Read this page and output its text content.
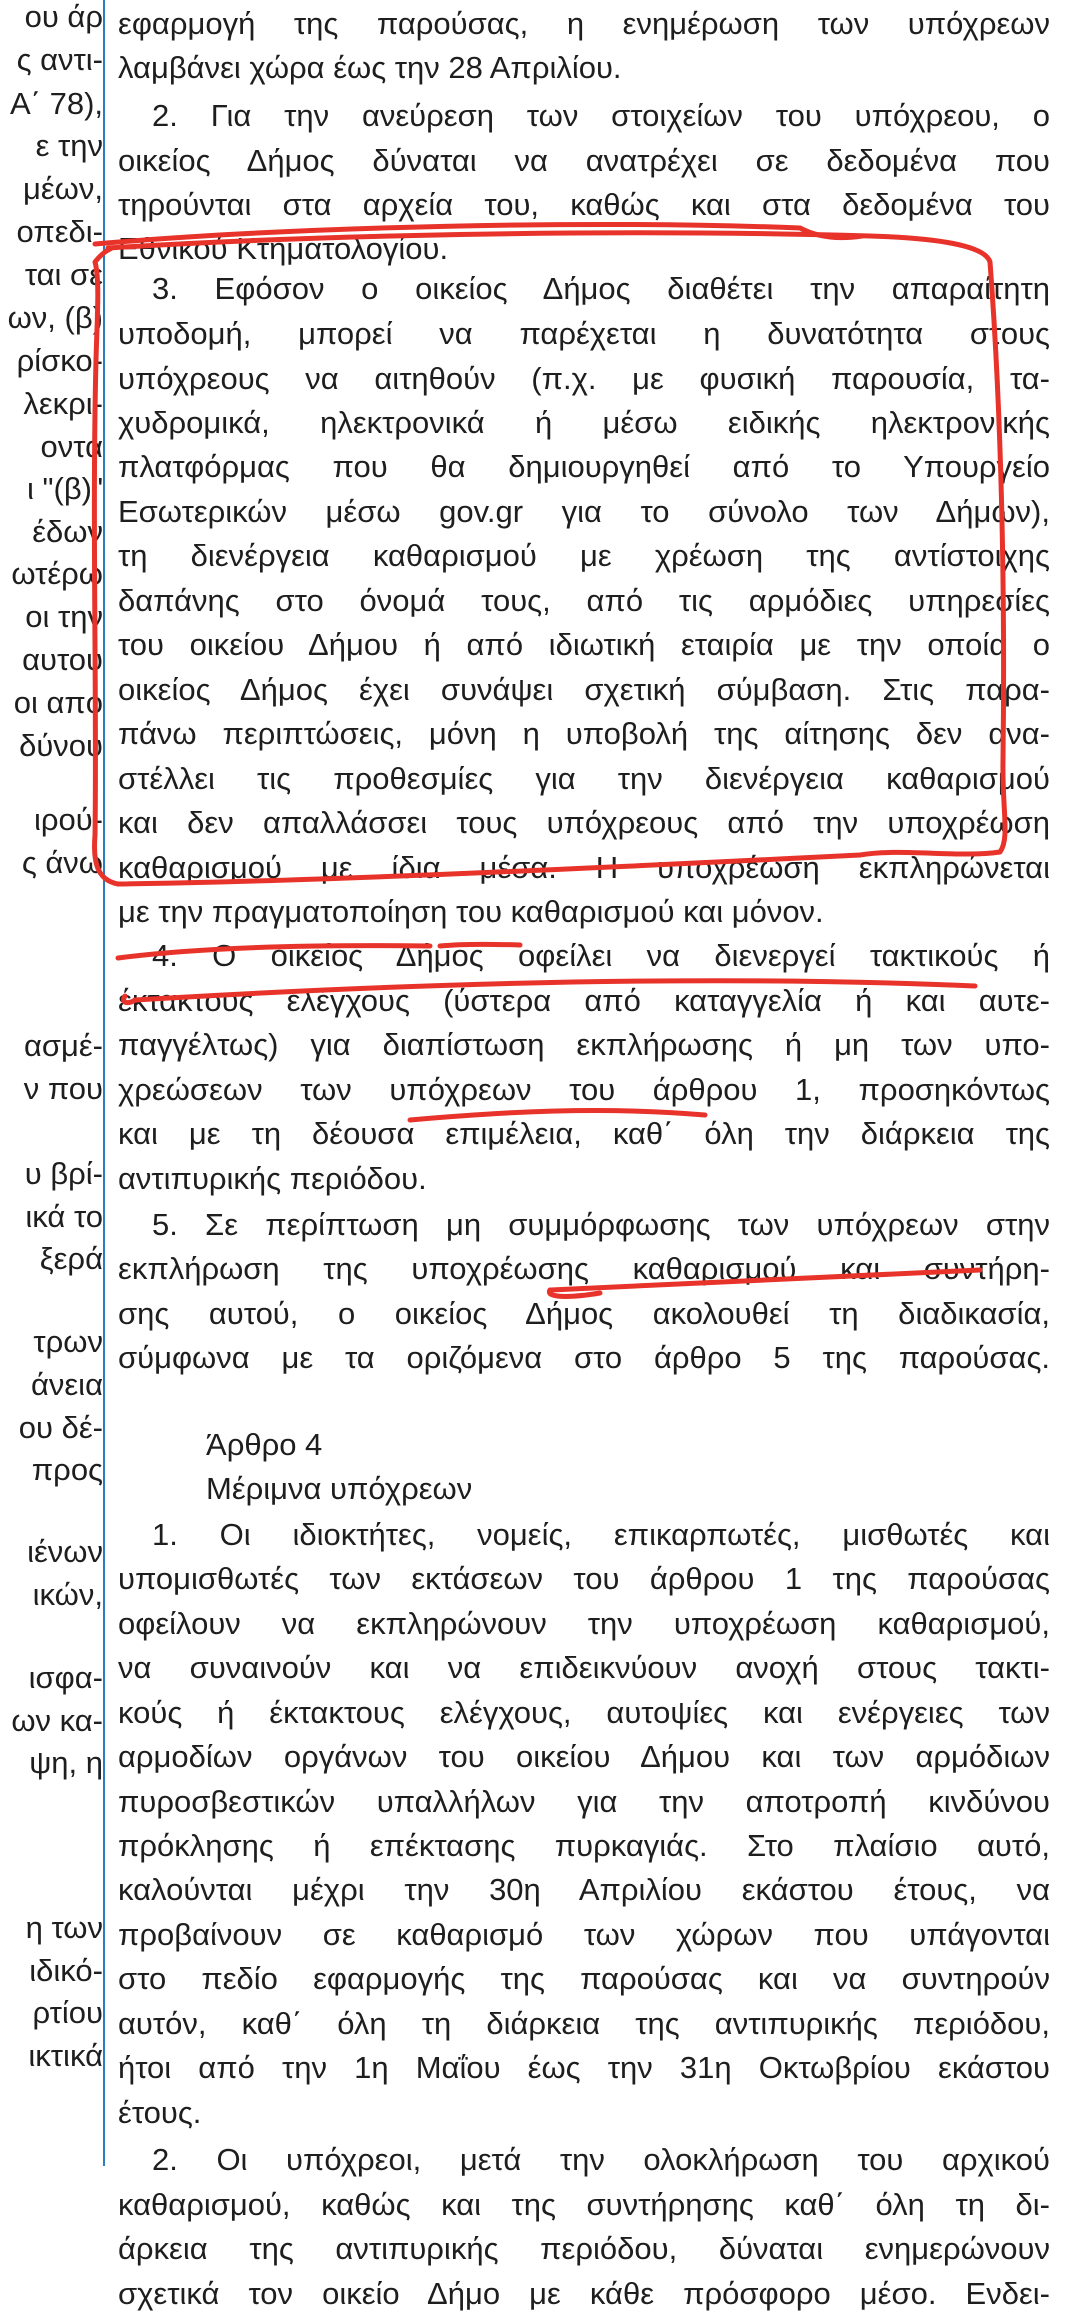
ου άρ
ς αντι-
Α΄ 78),
ε την
μέων,
οπεδι-
ται σε
ων, (β)
ρίσκο-
λεκρι-
οντα
ι "(β)"
έδων
ωτέρω
οι την
αυτού
οι από
δύνου
ιρού-
ς άνω
ασμέ-
ν που
υ βρί-
ικά το
ξερά
τρων
άνεια
ου δέ-
προς
ιένων
ικών,
ισφα-
ων κα-
ψη, η
η των
ιδικό-
ρτίου
ικτικά
εφαρμογή της παρούσας, η ενημέρωση των υπόχρεων
λαμβάνει χώρα έως την 28 Απριλίου.
2. Για την ανεύρεση των στοιχείων του υπόχρεου, ο
οικείος Δήμος δύναται να ανατρέχει σε δεδομένα που
τηρούνται στα αρχεία του, καθώς και στα δεδομένα του
Εθνικού Κτηματολογίου.
3. Εφόσον ο οικείος Δήμος διαθέτει την απαραίτητη
υποδομή, μπορεί να παρέχεται η δυνατότητα στους
υπόχρεους να αιτηθούν (π.χ. με φυσική παρουσία, τα-
χυδρομικά, ηλεκτρονικά ή μέσω ειδικής ηλεκτρονικής
πλατφόρμας που θα δημιουργηθεί από το Υπουργείο
Εσωτερικών μέσω gov.gr για το σύνολο των Δήμων),
τη διενέργεια καθαρισμού με χρέωση της αντίστοιχης
δαπάνης στο όνομά τους, από τις αρμόδιες υπηρεσίες
του οικείου Δήμου ή από ιδιωτική εταιρία με την οποία ο
οικείος Δήμος έχει συνάψει σχετική σύμβαση. Στις παρα-
πάνω περιπτώσεις, μόνη η υποβολή της αίτησης δεν ανα-
στέλλει τις προθεσμίες για την διενέργεια καθαρισμού
και δεν απαλλάσσει τους υπόχρεους από την υποχρέωση
καθαρισμού με ίδια μέσα. Η υποχρέωση εκπληρώνεται
με την πραγματοποίηση του καθαρισμού και μόνον.
4. Ο οικείος Δήμος οφείλει να διενεργεί τακτικούς ή
έκτακτους ελέγχους (ύστερα από καταγγελία ή και αυτε-
παγγέλτως) για διαπίστωση εκπλήρωσης ή μη των υπο-
χρεώσεων των υπόχρεων του άρθρου 1, προσηκόντως
και με τη δέουσα επιμέλεια, καθ΄ όλη την διάρκεια της
αντιπυρικής περιόδου.
5. Σε περίπτωση μη συμμόρφωσης των υπόχρεων στην
εκπλήρωση της υποχρέωσης καθαρισμού και συντήρη-
σης αυτού, ο οικείος Δήμος ακολουθεί τη διαδικασία,
σύμφωνα με τα οριζόμενα στο άρθρο 5 της παρούσας.
Άρθρο 4
Μέριμνα υπόχρεων
1. Οι ιδιοκτήτες, νομείς, επικαρπωτές, μισθωτές και
υπομισθωτές των εκτάσεων του άρθρου 1 της παρούσας
οφείλουν να εκπληρώνουν την υποχρέωση καθαρισμού,
να συναινούν και να επιδεικνύουν ανοχή στους τακτι-
κούς ή έκτακτους ελέγχους, αυτοψίες και ενέργειες των
αρμοδίων οργάνων του οικείου Δήμου και των αρμόδιων
πυροσβεστικών υπαλλήλων για την αποτροπή κινδύνου
πρόκλησης ή επέκτασης πυρκαγιάς. Στο πλαίσιο αυτό,
καλούνται μέχρι την 30η Απριλίου εκάστου έτους, να
προβαίνουν σε καθαρισμό των χώρων που υπάγονται
στο πεδίο εφαρμογής της παρούσας και να συντηρούν
αυτόν, καθ΄ όλη τη διάρκεια της αντιπυρικής περιόδου,
ήτοι από την 1η Μαΐου έως την 31η Οκτωβρίου εκάστου
έτους.
2. Οι υπόχρεοι, μετά την ολοκλήρωση του αρχικού
καθαρισμού, καθώς και της συντήρησης καθ΄ όλη τη δι-
άρκεια της αντιπυρικής περιόδου, δύναται ενημερώνουν
σχετικά τον οικείο Δήμο με κάθε πρόσφορο μέσο. Ενδει-
